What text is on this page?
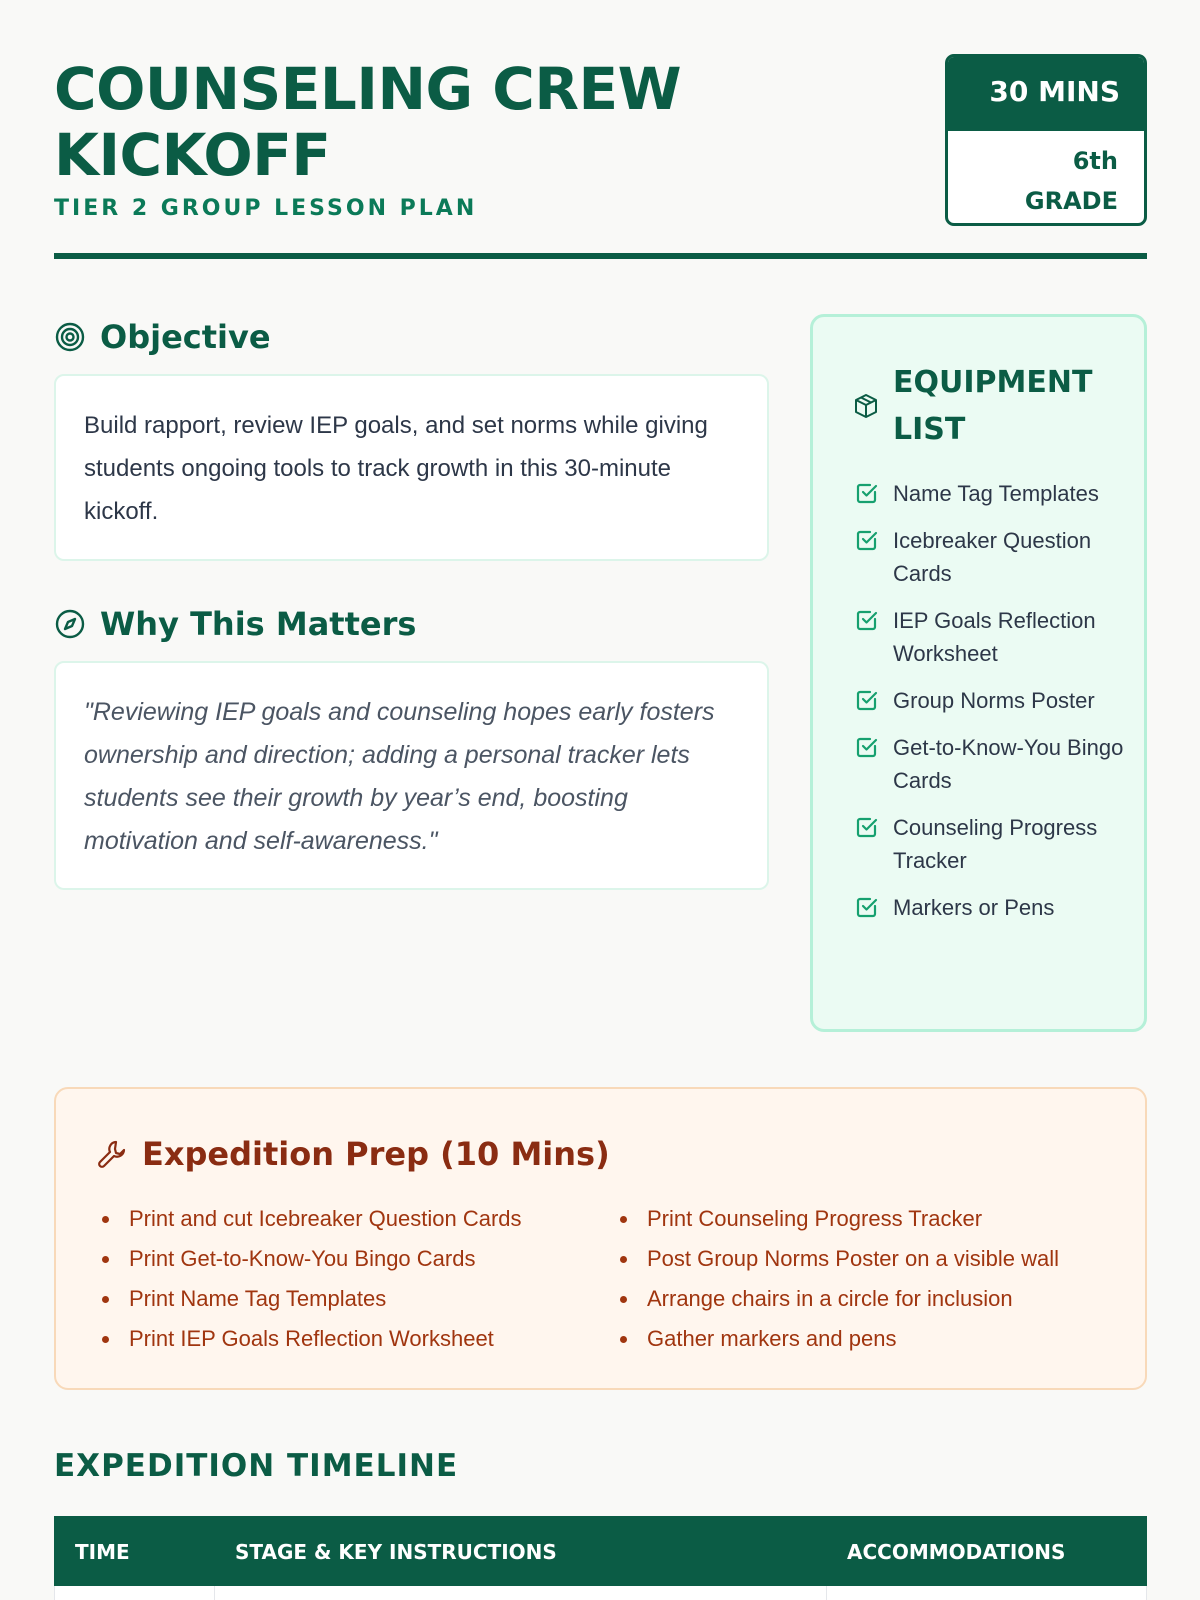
COUNSELING CREW
KICKOFF
TIER 2 GROUP LESSON PLAN
30 MINS
6th
GRADE
Objective
Build rapport, review IEP goals, and set norms while giving students ongoing tools to track growth in this 30-minute kickoff.
Why This Matters
"Reviewing IEP goals and counseling hopes early fosters ownership and direction; adding a personal tracker lets students see their growth by year’s end, boosting motivation and self-awareness."
EQUIPMENT LIST
Name Tag Templates
Icebreaker Question Cards
IEP Goals Reflection Worksheet
Group Norms Poster
Get-to-Know-You Bingo Cards
Counseling Progress Tracker
Markers or Pens
Expedition Prep (10 Mins)
Print and cut Icebreaker Question Cards
Print Get-to-Know-You Bingo Cards
Print Name Tag Templates
Print IEP Goals Reflection Worksheet
Print Counseling Progress Tracker
Post Group Norms Poster on a visible wall
Arrange chairs in a circle for inclusion
Gather markers and pens
EXPEDITION TIMELINE
TIME	STAGE & KEY INSTRUCTIONS	ACCOMMODATIONS
